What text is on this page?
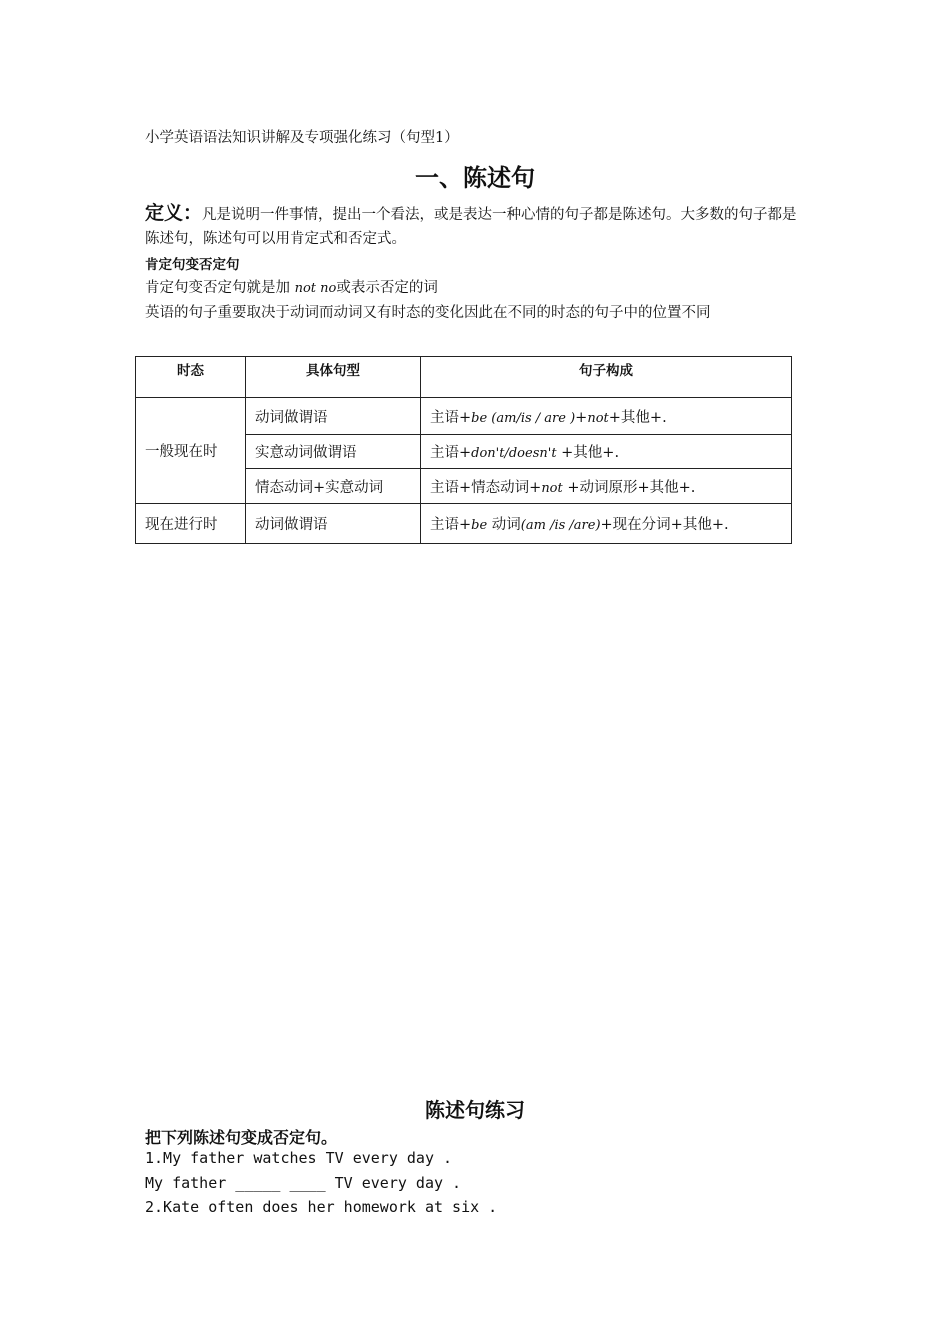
小学英语语法知识讲解及专项强化练习（句型1）
一、陈述句
定义：凡是说明一件事情，提出一个看法，或是表达一种心情的句子都是陈述句。大多数的句子都是陈述句，陈述句可以用肯定式和否定式。
肯定句变否定句
肯定句变否定句就是加 not no或表示否定的词
英语的句子重要取决于动词而动词又有时态的变化因此在不同的时态的句子中的位置不同
时态	具体句型	句子构成
一般现在时	动词做谓语	主语+be (am/is / are )+not+其他+.
	实意动词做谓语	主语+don't/doesn't +其他+.
	情态动词+实意动词	主语+情态动词+not +动词原形+其他+.
现在进行时	动词做谓语	主语+be 动词(am /is /are)+现在分词+其他+.
陈述句练习
把下列陈述句变成否定句。
1.My father watches TV every day .
My father _____ ____ TV every day .
2.Kate often does her homework at six .
